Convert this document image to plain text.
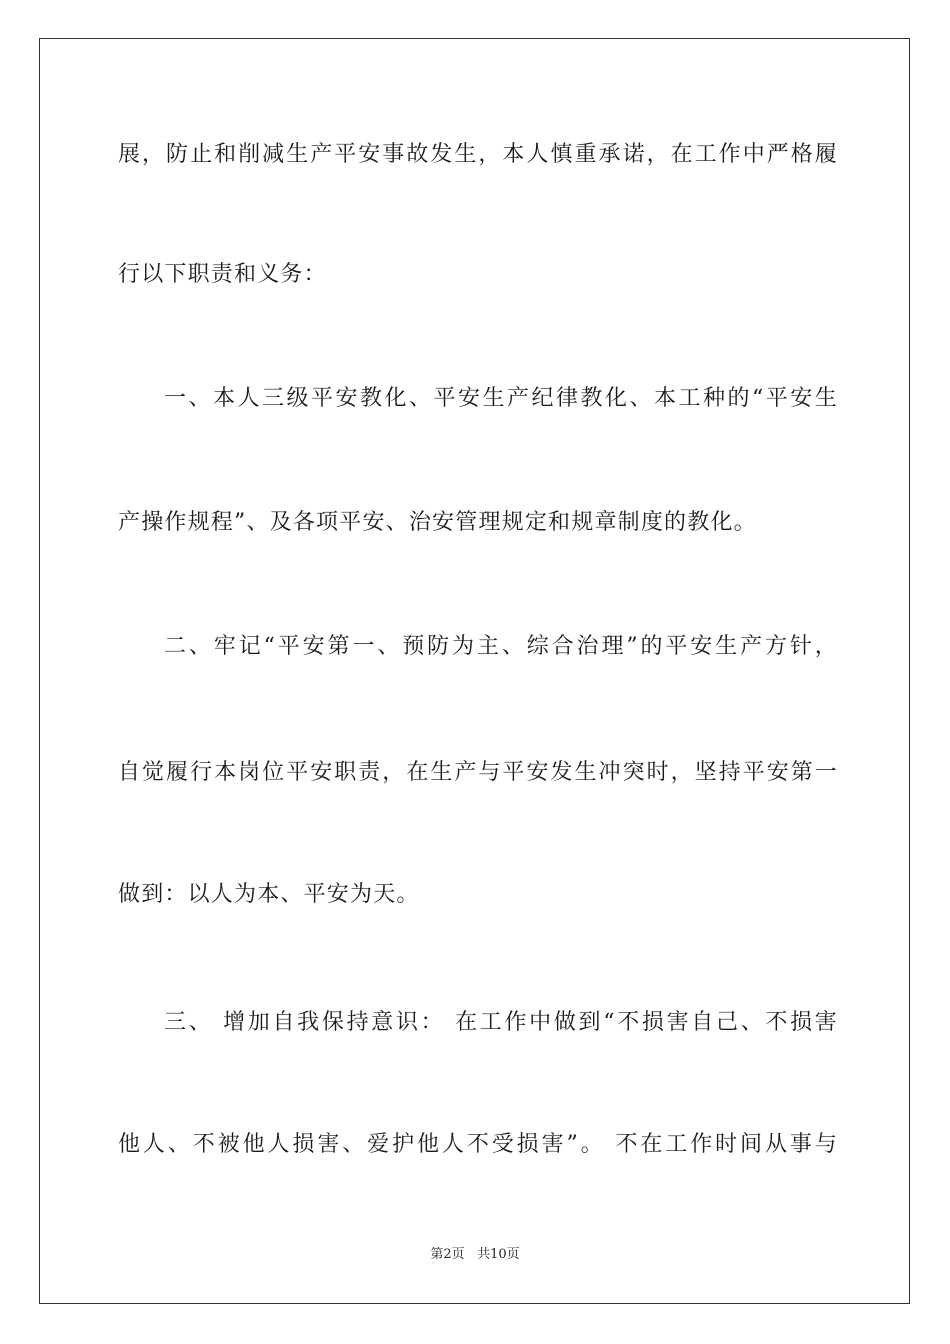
展，防止和削减生产平安事故发生，本人慎重承诺，在工作中严格履
行以下职责和义务：
一、本人三级平安教化、平安生产纪律教化、本工种的“平安生
产操作规程”、及各项平安、治安管理规定和规章制度的教化。
二、牢记“平安第一、预防为主、综合治理”的平安生产方针，
自觉履行本岗位平安职责，在生产与平安发生冲突时，坚持平安第一
做到：以人为本、平安为天。
三、 增加自我保持意识： 在工作中做到“不损害自己、不损害
他人、不被他人损害、爱护他人不受损害”。 不在工作时间从事与
第2页 共10页
